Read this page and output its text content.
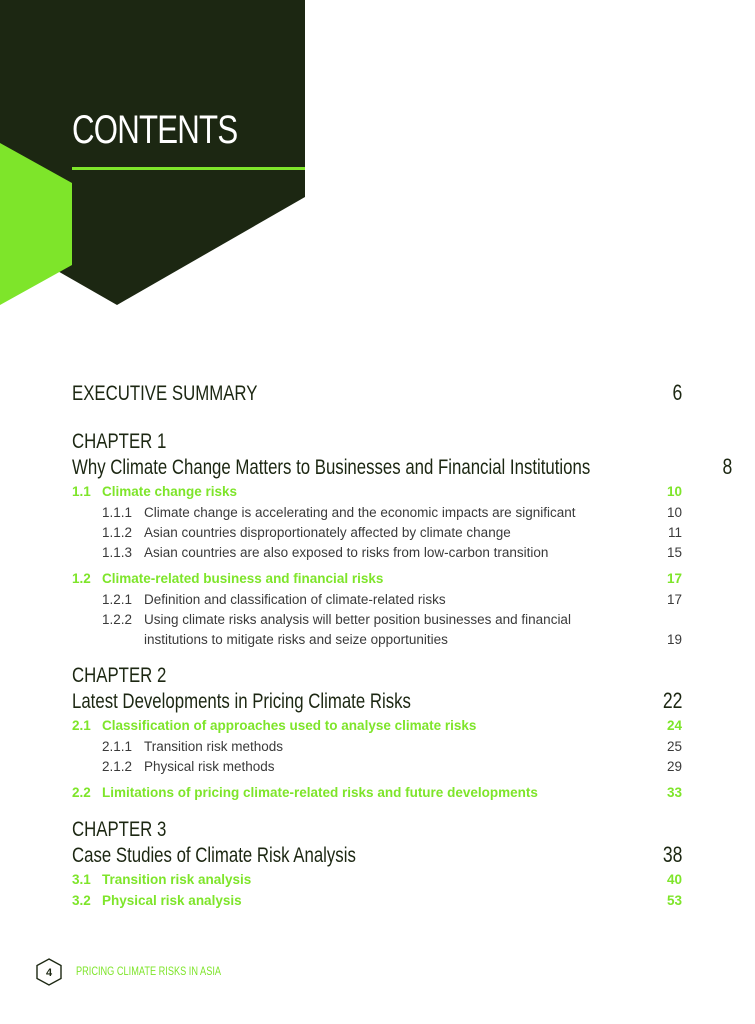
CONTENTS
EXECUTIVE SUMMARY	6
CHAPTER 1
Why Climate Change Matters to Businesses and Financial Institutions	8
1.1 Climate change risks	10
1.1.1 Climate change is accelerating and the economic impacts are significant	10
1.1.2 Asian countries disproportionately affected by climate change	11
1.1.3 Asian countries are also exposed to risks from low-carbon transition	15
1.2 Climate-related business and financial risks	17
1.2.1 Definition and classification of climate-related risks	17
1.2.2 Using climate risks analysis will better position businesses and financial
institutions to mitigate risks and seize opportunities	19
CHAPTER 2
Latest Developments in Pricing Climate Risks	22
2.1 Classification of approaches used to analyse climate risks	24
2.1.1 Transition risk methods	25
2.1.2 Physical risk methods	29
2.2 Limitations of pricing climate-related risks and future developments	33
CHAPTER 3
Case Studies of Climate Risk Analysis	38
3.1 Transition risk analysis	40
3.2 Physical risk analysis	53
4 PRICING CLIMATE RISKS IN ASIA
